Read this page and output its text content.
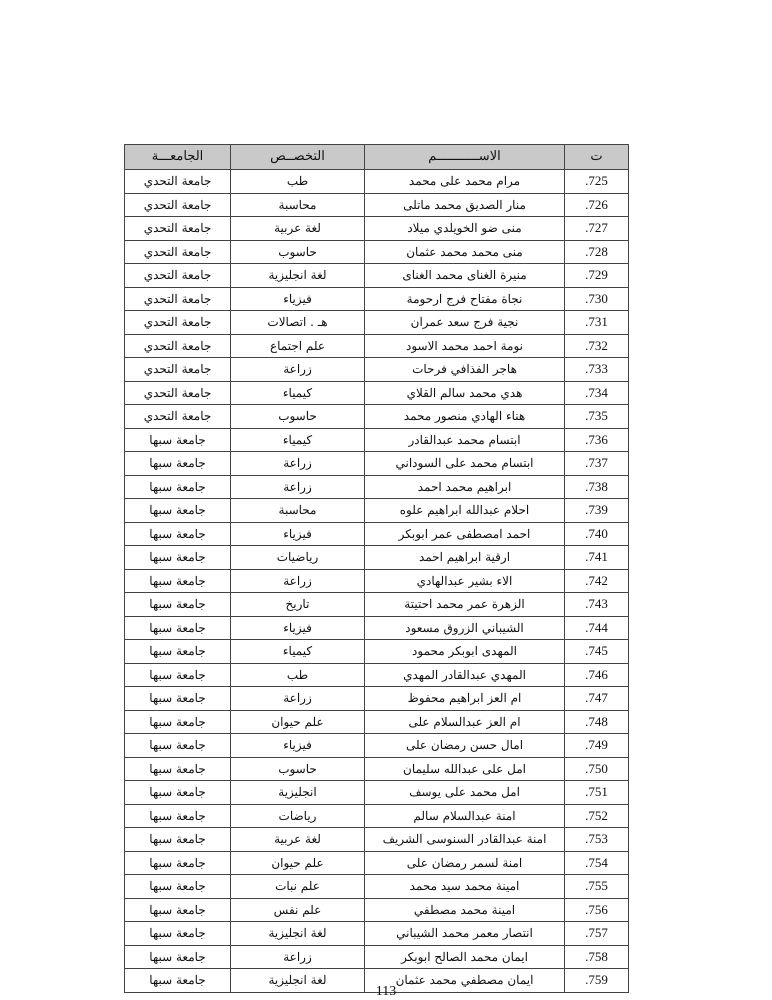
ت	الاســـــــــــم	التخصــص	الجامعـــة
.725	مرام محمد على محمد	طب	جامعة التحدي
.726	منار الصديق محمد ماتلى	محاسبة	جامعة التحدي
.727	منى ضو الخويلدي ميلاد	لغة عربية	جامعة التحدي
.728	منى محمد محمد عثمان	حاسوب	جامعة التحدي
.729	منيرة الغناى محمد الغناى	لغة انجليزية	جامعة التحدي
.730	نجاة مفتاح فرج ارحومة	فيزياء	جامعة التحدي
.731	نجية فرج سعد عمران	هـ . اتصالات	جامعة التحدي
.732	نومة احمد محمد الاسود	علم اجتماع	جامعة التحدي
.733	هاجر الفذافي فرحات	زراعة	جامعة التحدي
.734	هدي محمد سالم القلاي	كيمياء	جامعة التحدي
.735	هناء الهادي منصور محمد	حاسوب	جامعة التحدي
.736	ابتسام محمد عبدالقادر	كيمياء	جامعة سبها
.737	ابتسام محمد على السوداني	زراعة	جامعة سبها
.738	ابراهيم محمد احمد	زراعة	جامعة سبها
.739	احلام عبدالله ابراهيم علوه	محاسبة	جامعة سبها
.740	احمد امصطفى عمر ابوبكر	فيزياء	جامعة سبها
.741	ارقية ابراهيم احمد	رياضيات	جامعة سبها
.742	الاء بشير عبدالهادي	زراعة	جامعة سبها
.743	الزهرة عمر محمد احتيتة	تاريخ	جامعة سبها
.744	الشيباني الزروق مسعود	فيزياء	جامعة سبها
.745	المهدى ابوبكر محمود	كيمياء	جامعة سبها
.746	المهدي عبدالقادر المهدي	طب	جامعة سبها
.747	ام العز ابراهيم محفوظ	زراعة	جامعة سبها
.748	ام العز عبدالسلام على	علم حيوان	جامعة سبها
.749	امال حسن رمضان على	فيزياء	جامعة سبها
.750	امل على عبدالله سليمان	حاسوب	جامعة سبها
.751	امل محمد على يوسف	انجليزية	جامعة سبها
.752	امنة عبدالسلام سالم	رياضات	جامعة سبها
.753	امنة عبدالقادر السنوسى الشريف	لغة عربية	جامعة سبها
.754	امنة لسمر رمضان على	علم حيوان	جامعة سبها
.755	امينة محمد سيد محمد	علم نبات	جامعة سبها
.756	امينة محمد مصطفي	علم نفس	جامعة سبها
.757	انتصار معمر محمد الشيباني	لغة انجليزية	جامعة سبها
.758	ايمان محمد الصالح ابوبكر	زراعة	جامعة سبها
.759	ايمان مصطفي محمد عثمان	لغة انجليزية	جامعة سبها
113
